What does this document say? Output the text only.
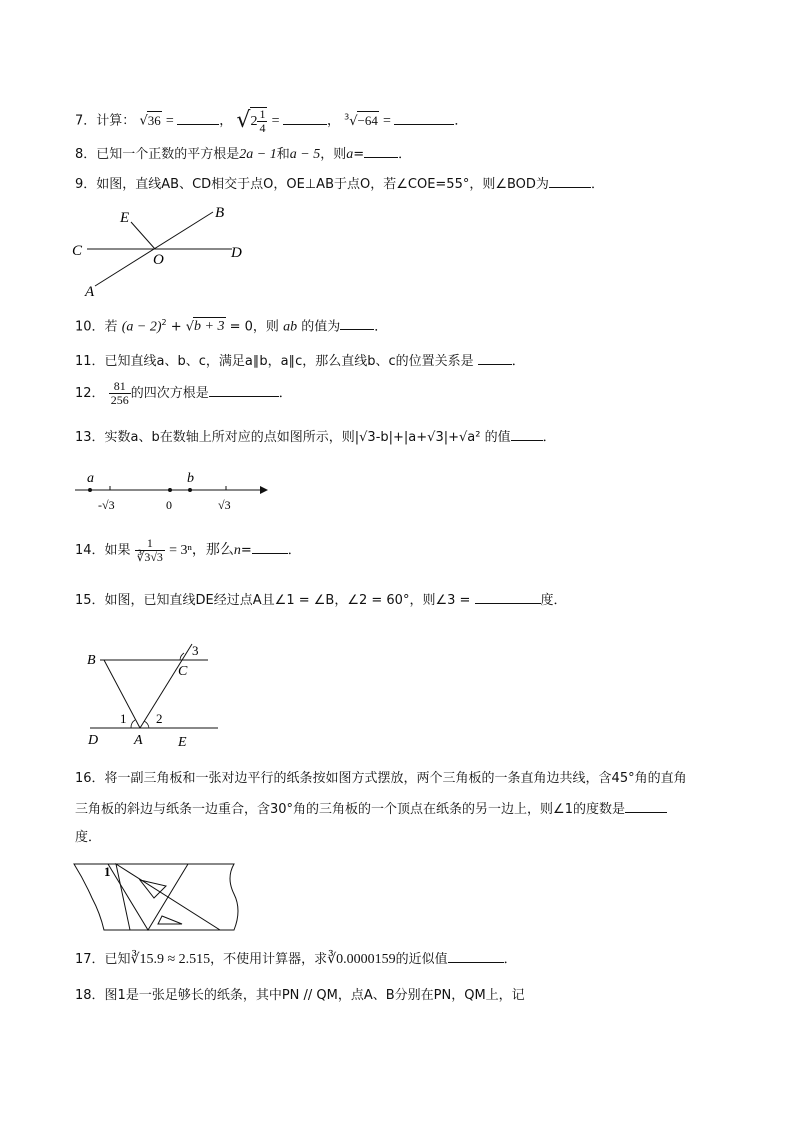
7．计算： √36 =	， $√2 \frac{1}{4}$ =	， $^3$√−64 =	．
8．已知一个正数的平方根是2a − 1和a − 5，则a=	．
9．如图，直线AB、CD相交于点O，OE⊥AB于点O，若∠COE=55°，则∠BOD为	．
E	B
C
O	D
A
10．若 $(a - 2)^2 + √b + 3 = 0$，则 ab 的值为	．
11．已知直线a、b、c，满足a∥b，a∥c，那么直线b、c的位置关系是	．
12． $\frac{81}{256}$ 的四次方根是	．
13．实数a、b在数轴上所对应的点如图所示，则|√3-b|+|a+√3|+√a² 的值 ．
a	b
-√3	0	√3
14．如果 $\frac{1}{∛3√3} = 3^n$，那么n=	．
15．如图，已知直线DE经过点A且∠1 = ∠B，∠2 = 60°，则∠3 =	度．
B
C
3
1 2
D	A	E
16．将一副三角板和一张对边平行的纸条按如图方式摆放，两个三角板的一条直角边共线，含45°角的直角
三角板的斜边与纸条一边重合，含30°角的三角板的一个顶点在纸条的另一边上，则∠1的度数是
度．
1
17．已知∛15.9 ≈ 2.515，不使用计算器，求∛0.0000159的近似值	．
18．图1是一张足够长的纸条，其中PN // QM，点A、B分别在PN，QM上，记
